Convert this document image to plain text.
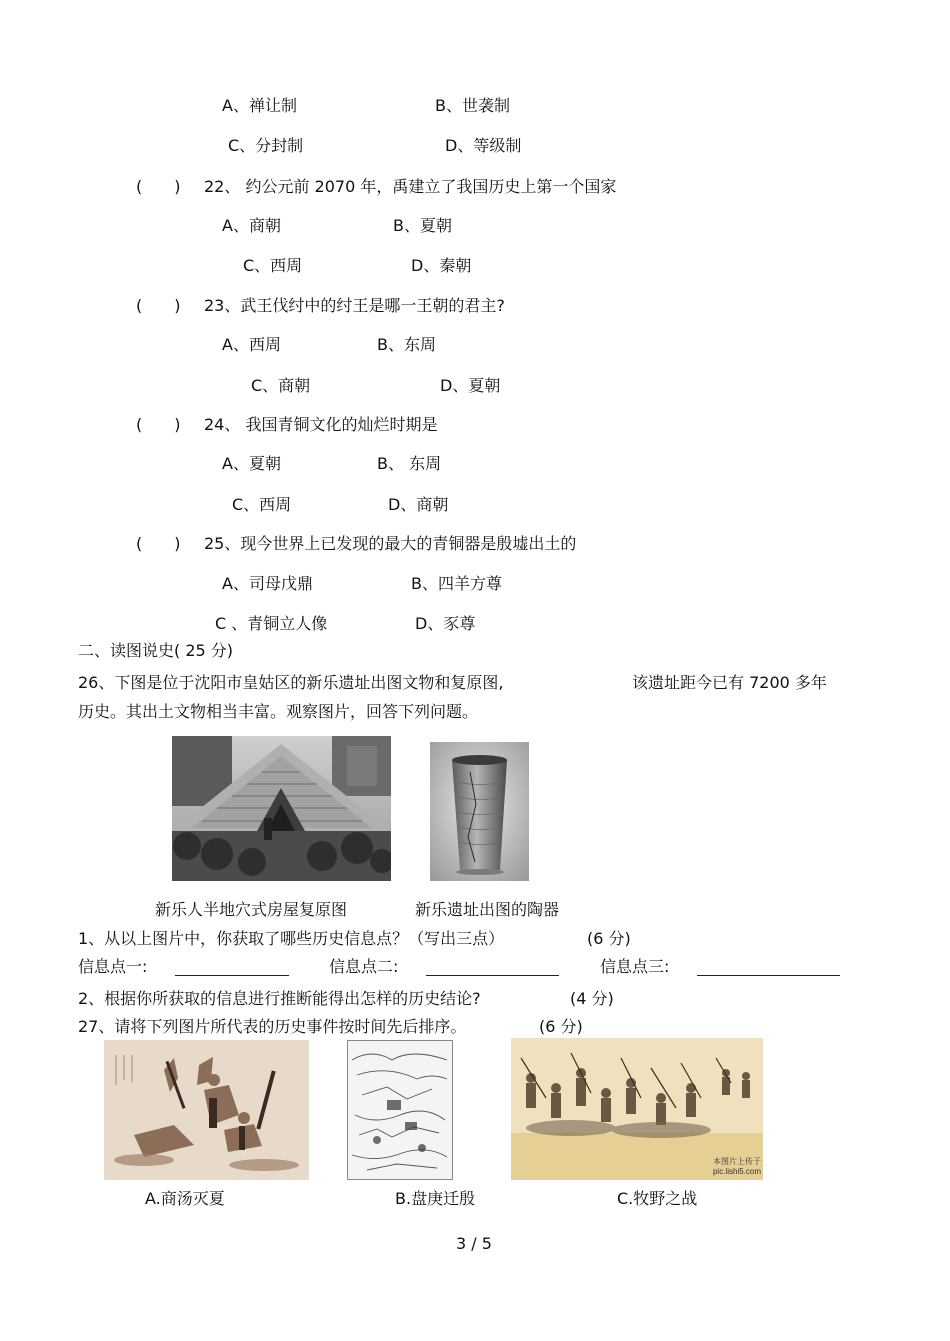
A、禅让制	B、世袭制
C、分封制	D、等级制
(　　) 22、 约公元前 2070 年，禹建立了我国历史上第一个国家
A、商朝	B、夏朝
C、西周	D、秦朝
(　　) 23、武王伐纣中的纣王是哪一王朝的君主?
A、西周	B、东周
C、商朝	D、夏朝
(　　) 24、 我国青铜文化的灿烂时期是
A、夏朝	B、 东周
C、西周	D、商朝
(　　) 25、现今世界上已发现的最大的青铜器是殷墟出土的
A、司母戊鼎	B、四羊方尊
C 、青铜立人像	D、豕尊
二、读图说史( 25 分)
26、下图是位于沈阳市皇姑区的新乐遗址出图文物和复原图,	该遗址距今已有 7200 多年
历史。其出土文物相当丰富。观察图片，回答下列问题。
新乐人半地穴式房屋复原图	新乐遗址出图的陶器
1、从以上图片中，你获取了哪些历史信息点？（写出三点）	(6 分)
信息点一:	信息点二:	信息点三:
2、根据你所获取的信息进行推断能得出怎样的历史结论?	(4 分)
27、请将下列图片所代表的历史事件按时间先后排序。	(6 分)
本图片上传于
pic.lishi5.com
A.商汤灭夏	B.盘庚迁殷	C.牧野之战
3 / 5
